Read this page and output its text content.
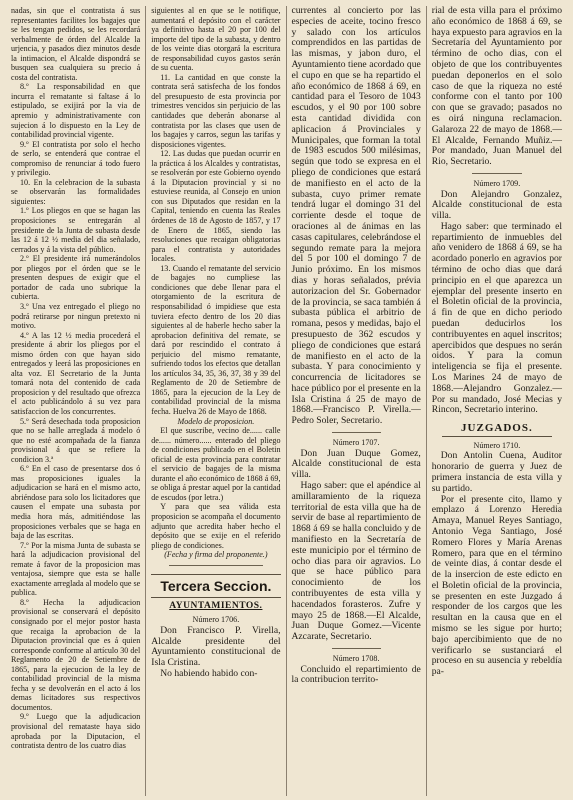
nadas, sin que el contratista á sus representantes facilites los bagajes que se les tengan pedidos, se les recordará verbalmente de órden del Alcalde la urjencia, y pasados diez minutos desde la intimacion, el Alcalde dispondrá se busquen sea cualquiera su precio á costa del contratista.

8.º La responsabilidad en que incurra el rematante si faltase á lo estipulado, se exijirá por la via de apremio y administrativamente con sujecion á lo dispuesto en la Ley de contabilidad provincial vigente.

9.º El contratista por solo el hecho de serlo, se entenderá que contrae el compromiso de renunciar á todo fuero y privilegio.

10. En la celebracion de la subasta se observarán las formalidades siguientes:

1.º Los pliegos en que se hagan las proposiciones se entregarán al presidente de la Junta de subasta desde las 12 á 12 ½ media del dia señalado, cerrados y á la vista del público.

2.º El presidente irá numerándolos por pliegos por el órden que se le presenten despues de exigir que el portador de cada uno subrique la cubierta.

3.º Una vez entregado el pliego no podrá retirarse por ningun pretexto ni motivo.

4.º A las 12 ½ media procederá el presidente á abrir los pliegos por el mismo órden con que hayan sido entregados y leerá las proposiciones en alta voz. El Secretario de la Junta tomará nota del contenido de cada proposicion y del resultado que ofrezca el acto publicándolo á su vez para satisfaccion de los concurrentes.

5.º Será desechada toda proposicion que no se halle arreglada á modelo ó que no esté acompañada de la fianza provisional á que se refiere la condicion 3.ª

6.º En el caso de presentarse dos ó mas proposiciones iguales la adjudicacion se hará en el mismo acto, abriéndose para solo los licitadores que causen el empate una subasta por media hora más, admitiéndose las proposiciones verbales que se haga en baja de las escritas.

7.º Por la misma Junta de subasta se hará la adjudicacion provisional del remate á favor de la proposicion mas ventajosa, siempre que esta se halle exactamente arreglada al modelo que se publica.

8.º Hecha la adjudicacion provisional se conservará el depósito consignado por el mejor postor hasta que recaiga la aprobacion de la Diputacion provincial que es á quien corresponde conforme al artículo 30 del Reglamento de 20 de Setiembre de 1865, para la ejecucion de la ley de contabilidad provincial de la misma fecha y se devolverán en el acto á los demas licitadores sus respectivos documentos.

9.º Luego que la adjudicacion provisional del remataste haya sido aprobada por la Diputacion, el contratista dentro de los cuatro dias

siguientes al en que se le notifique, aumentará el depósito con el carácter ya definitivo hasta el 20 por 100 del importe del tipo de la subasta, y dentro de los veinte dias otorgará la escritura de responsabilidad cuyos gastos serán de su cuenta.

11. La cantidad en que conste la contrata será satisfecha de los fondos del presupuesto de esta provincia por trimestres vencidos sin perjuicio de las cantidades que deberán abonarse al contratista por las clases que usen de los bagajes y carros, segun las tarifas y disposiciones vigentes.

12. Las dudas que puedan ocurrir en la práctica á los Alcaldes y contratistas, se resolverán por este Gobierno oyendo á la Diputacion provincial y si no estuviese reunida, al Consejo en union con sus Diputados que residan en la Capital, teniendo en cuenta las Reales órdenes de 18 de Agosto de 1857, y 17 de Enero de 1865, siendo las resoluciones que recaigan obligatorias para el contratista y autoridades locales.

13. Cuando el rematante del servicio de bagajes no cumpliese las condiciones que debe llenar para el otorgamiento de la escritura de responsabilidad ó impidiese que esta tuviera efecto dentro de los 20 dias siguientes al de haberle hecho saber la aprobacion definitiva del remate, se dará por rescindido el contrato á perjuicio del mismo rematante, sufriendo todos los efectos que detallan los artículos 34, 35, 36, 37, 38 y 39 del Reglamento de 20 de Setiembre de 1865, para la ejecucion de la Ley de contabilidad provincial de la misma fecha. Huelva 26 de Mayo de 1868.

Modelo de proposicion.

El que suscribe, vecino de...... calle de...... número...... enterado del pliego de condiciones publicado en el Boletin oficial de esta provincia para contratar el servicio de bagajes de la misma durante el año económico de 1868 á 69, se obliga á prestar aquel por la cantidad de escudos (por letra.)

Y para que sea válida esta proposicion se acompaña el documento adjunto que acredita haber hecho el depósito que se exije en el referido pliego de condiciones.

(Fecha y firma del proponente.)

Tercera Seccion.
AYUNTAMIENTOS.
Número 1706.

Don Francisco P. Virella, Alcalde presidente del Ayuntamiento constitucional de Isla Cristina.

No habiendo habido con-

currentes al concierto por las especies de aceite, tocino fresco y salado con los artículos comprendidos en las partidas de las mismas, y jabon duro, el Ayuntamiento tiene acordado que el cupo en que se ha repartido el año económico de 1868 á 69, en cantidad para el Tesoro de 1043 escudos, y el 90 por 100 sobre esta cantidad dividida con aplicacion á Provinciales y Municipales, que forman la total de 1983 escudos 500 milésimas, según que todo se expresa en el pliego de condiciones que estará de manifiesto en el acto de la subasta, cuyo primer remate tendrá lugar el domingo 31 del corriente desde el toque de oraciones al de ánimas en las casas capitulares, celebrándose el segundo remate para la mejora del 5 por 100 el domingo 7 de Junio próximo. En los mismos dias y horas señalados, prévia autorizacion del Sr. Gobernador de la provincia, se saca también á subasta pública el arbitrio de romana, pesos y medidas, bajo el presupuesto de 362 escudos y pliego de condiciones que estará de manifiesto en el acto de la subasta. Y para conocimiento y concurrencia de licitadores se hace público por el presente en la Isla Cristina á 25 de mayo de 1868.—Francisco P. Virella.—Pedro Soler, Secretario.

Número 1707.

Don Juan Duque Gomez, Alcalde constitucional de esta villa.

Hago saber: que el apéndice al amillaramiento de la riqueza territorial de esta villa que ha de servir de base al repartimiento de 1868 á 69 se halla concluido y de manifiesto en la Secretaría de este municipio por el término de ocho dias para oir agravios. Lo que se hace público para conocimiento de los contribuyentes de esta villa y hacendados forasteros. Zufre y mayo 25 de 1868.—El Alcalde, Juan Duque Gomez.—Vicente Azcarate, Secretario.

Número 1708.

Concluido el repartimiento de la contribucion territo-

rial de esta villa para el próximo año económico de 1868 á 69, se haya expuesto para agravios en la Secretaría del Ayuntamiento por término de ocho dias, con el objeto de que los contribuyentes puedan deponerlos en el solo caso de que la riqueza no esté conforme con el tanto por 100 con que se gravado; pasados no es oirá ninguna reclamacion. Galaroza 22 de mayo de 1868.—El Alcalde, Fernando Muñiz.—Por mandado, Juan Manuel del Rio, Secretario.

Número 1709.

Don Alejandro Gonzalez, Alcalde constitucional de esta villa.

Hago saber: que terminado el repartimiento de inmuebles del año venidero de 1868 á 69, se ha acordado ponerlo en agravios por término de ocho dias que dará principio en el que aparezca un ejemplar del presente inserto en el Boletin oficial de la provincia, á fin de que en dicho periodo puedan deducirlos los contribuyentes en aquel inscritos; apercibidos que despues no serán oidos. Y para la comun inteligencia se fija el presente. Los Marines 24 de mayo de 1868.—Alejandro Gonzalez.—Por su mandado, José Mecias y Rincon, Secretario interino.

JUZGADOS.
Número 1710.

Don Antolin Cuena, Auditor honorario de guerra y Juez de primera instancia de esta villa y su partido.

Por el presente cito, llamo y emplazo á Lorenzo Heredia Amaya, Manuel Reyes Santiago, Antonio Vega Santiago, José Romero Flores y María Arenas Romero, para que en el término de veinte dias, á contar desde el de la insercion de este edicto en el Boletin oficial de la provincia, se presenten en este Juzgado á responder de los cargos que les resultan en la causa que en el mismo se les sigue por hurto; bajo apercibimiento que de no verificarlo se sustanciará el proceso en su ausencia y rebeldía pa-
